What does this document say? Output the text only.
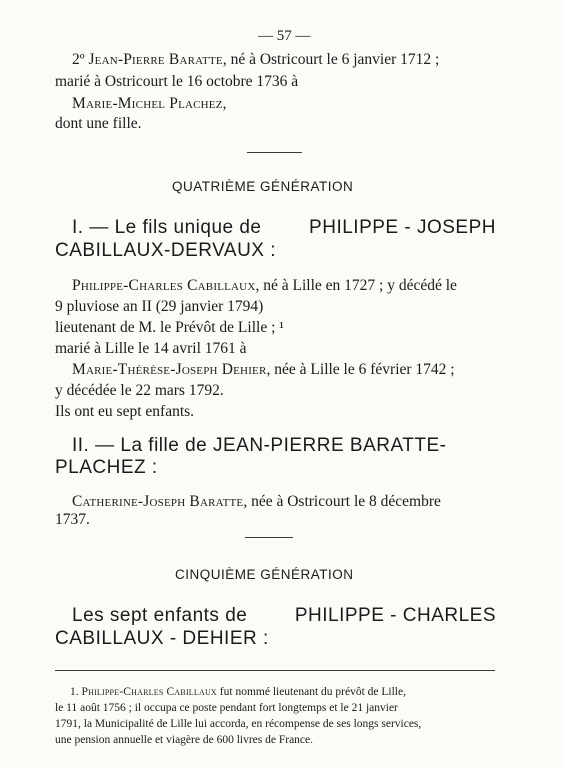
— 57 —
2º Jean-Pierre Baratte, né à Ostricourt le 6 janvier 1712 ;
marié à Ostricourt le 16 octobre 1736 à
Marie-Michel Plachez,
dont une fille.
QUATRIÈME GÉNÉRATION
I. — Le fils unique de	PHILIPPE - JOSEPH
CABILLAUX-DERVAUX :
Philippe-Charles Cabillaux, né à Lille en 1727 ; y décédé le
9 pluviose an II (29 janvier 1794)
lieutenant de M. le Prévôt de Lille ; ¹
marié à Lille le 14 avril 1761 à
Marie-Thérèse-Joseph Dehier, née à Lille le 6 février 1742 ;
y décédée le 22 mars 1792.
Ils ont eu sept enfants.
II. — La fille de JEAN-PIERRE BARATTE-
PLACHEZ :
Catherine-Joseph Baratte, née à Ostricourt le 8 décembre
1737.
CINQUIÈME GÉNÉRATION
Les sept enfants de PHILIPPE - CHARLES
CABILLAUX - DEHIER :
1. Philippe-Charles Cabillaux fut nommé lieutenant du prévôt de Lille,
le 11 août 1756 ; il occupa ce poste pendant fort longtemps et le 21 janvier
1791, la Municipalité de Lille lui accorda, en récompense de ses longs services,
une pension annuelle et viagère de 600 livres de France.
